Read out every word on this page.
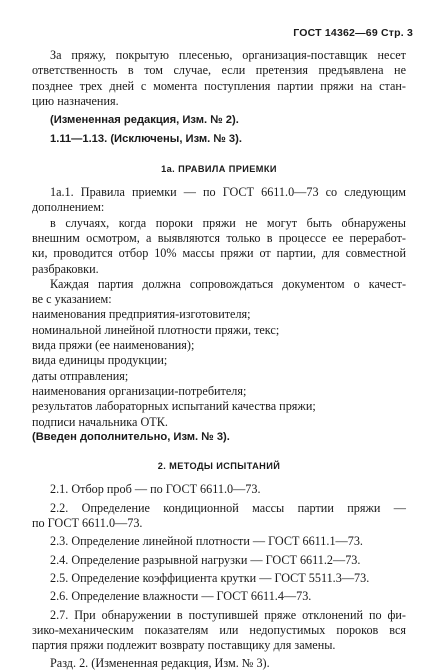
ГОСТ 14362—69 Стр. 3

За пряжу, покрытую плесенью, организация-поставщик несет

ответственность в том случае, если претензия предъявлена не

позднее трех дней с момента поступления партии пряжи на стан-

цию назначения.

(Измененная редакция, Изм. № 2).

1.11—1.13. (Исключены, Изм. № 3).

1а. ПРАВИЛА ПРИЕМКИ

1а.1. Правила приемки — по ГОСТ 6611.0—73 со следующим

дополнением:

в случаях, когда пороки пряжи не могут быть обнаружены

внешним осмотром, а выявляются только в процессе ее переработ-

ки, проводится отбор 10% массы пряжи от партии, для совместной

разбраковки.

Каждая партия должна сопровождаться документом о качест-

ве с указанием:

наименования предприятия-изготовителя;

номинальной линейной плотности пряжи, текс;

вида пряжи (ее наименования);

вида единицы продукции;

даты отправления;

наименования организации-потребителя;

результатов лабораторных испытаний качества пряжи;

подписи начальника ОТК.

(Введен дополнительно, Изм. № 3).

2. МЕТОДЫ ИСПЫТАНИЙ

2.1. Отбор проб — по ГОСТ 6611.0—73.

2.2. Определение кондиционной массы партии пряжи —

по ГОСТ 6611.0—73.

2.3. Определение линейной плотности — ГОСТ 6611.1—73.

2.4. Определение разрывной нагрузки — ГОСТ 6611.2—73.

2.5. Определение коэффициента крутки — ГОСТ 5511.3—73.

2.6. Определение влажности — ГОСТ 6611.4—73.

2.7. При обнаружении в поступившей пряже отклонений по фи-

зико-механическим показателям или недопустимых пороков вся

партия пряжи подлежит возврату поставщику для замены.

Разд. 2. (Измененная редакция, Изм. № 3).
